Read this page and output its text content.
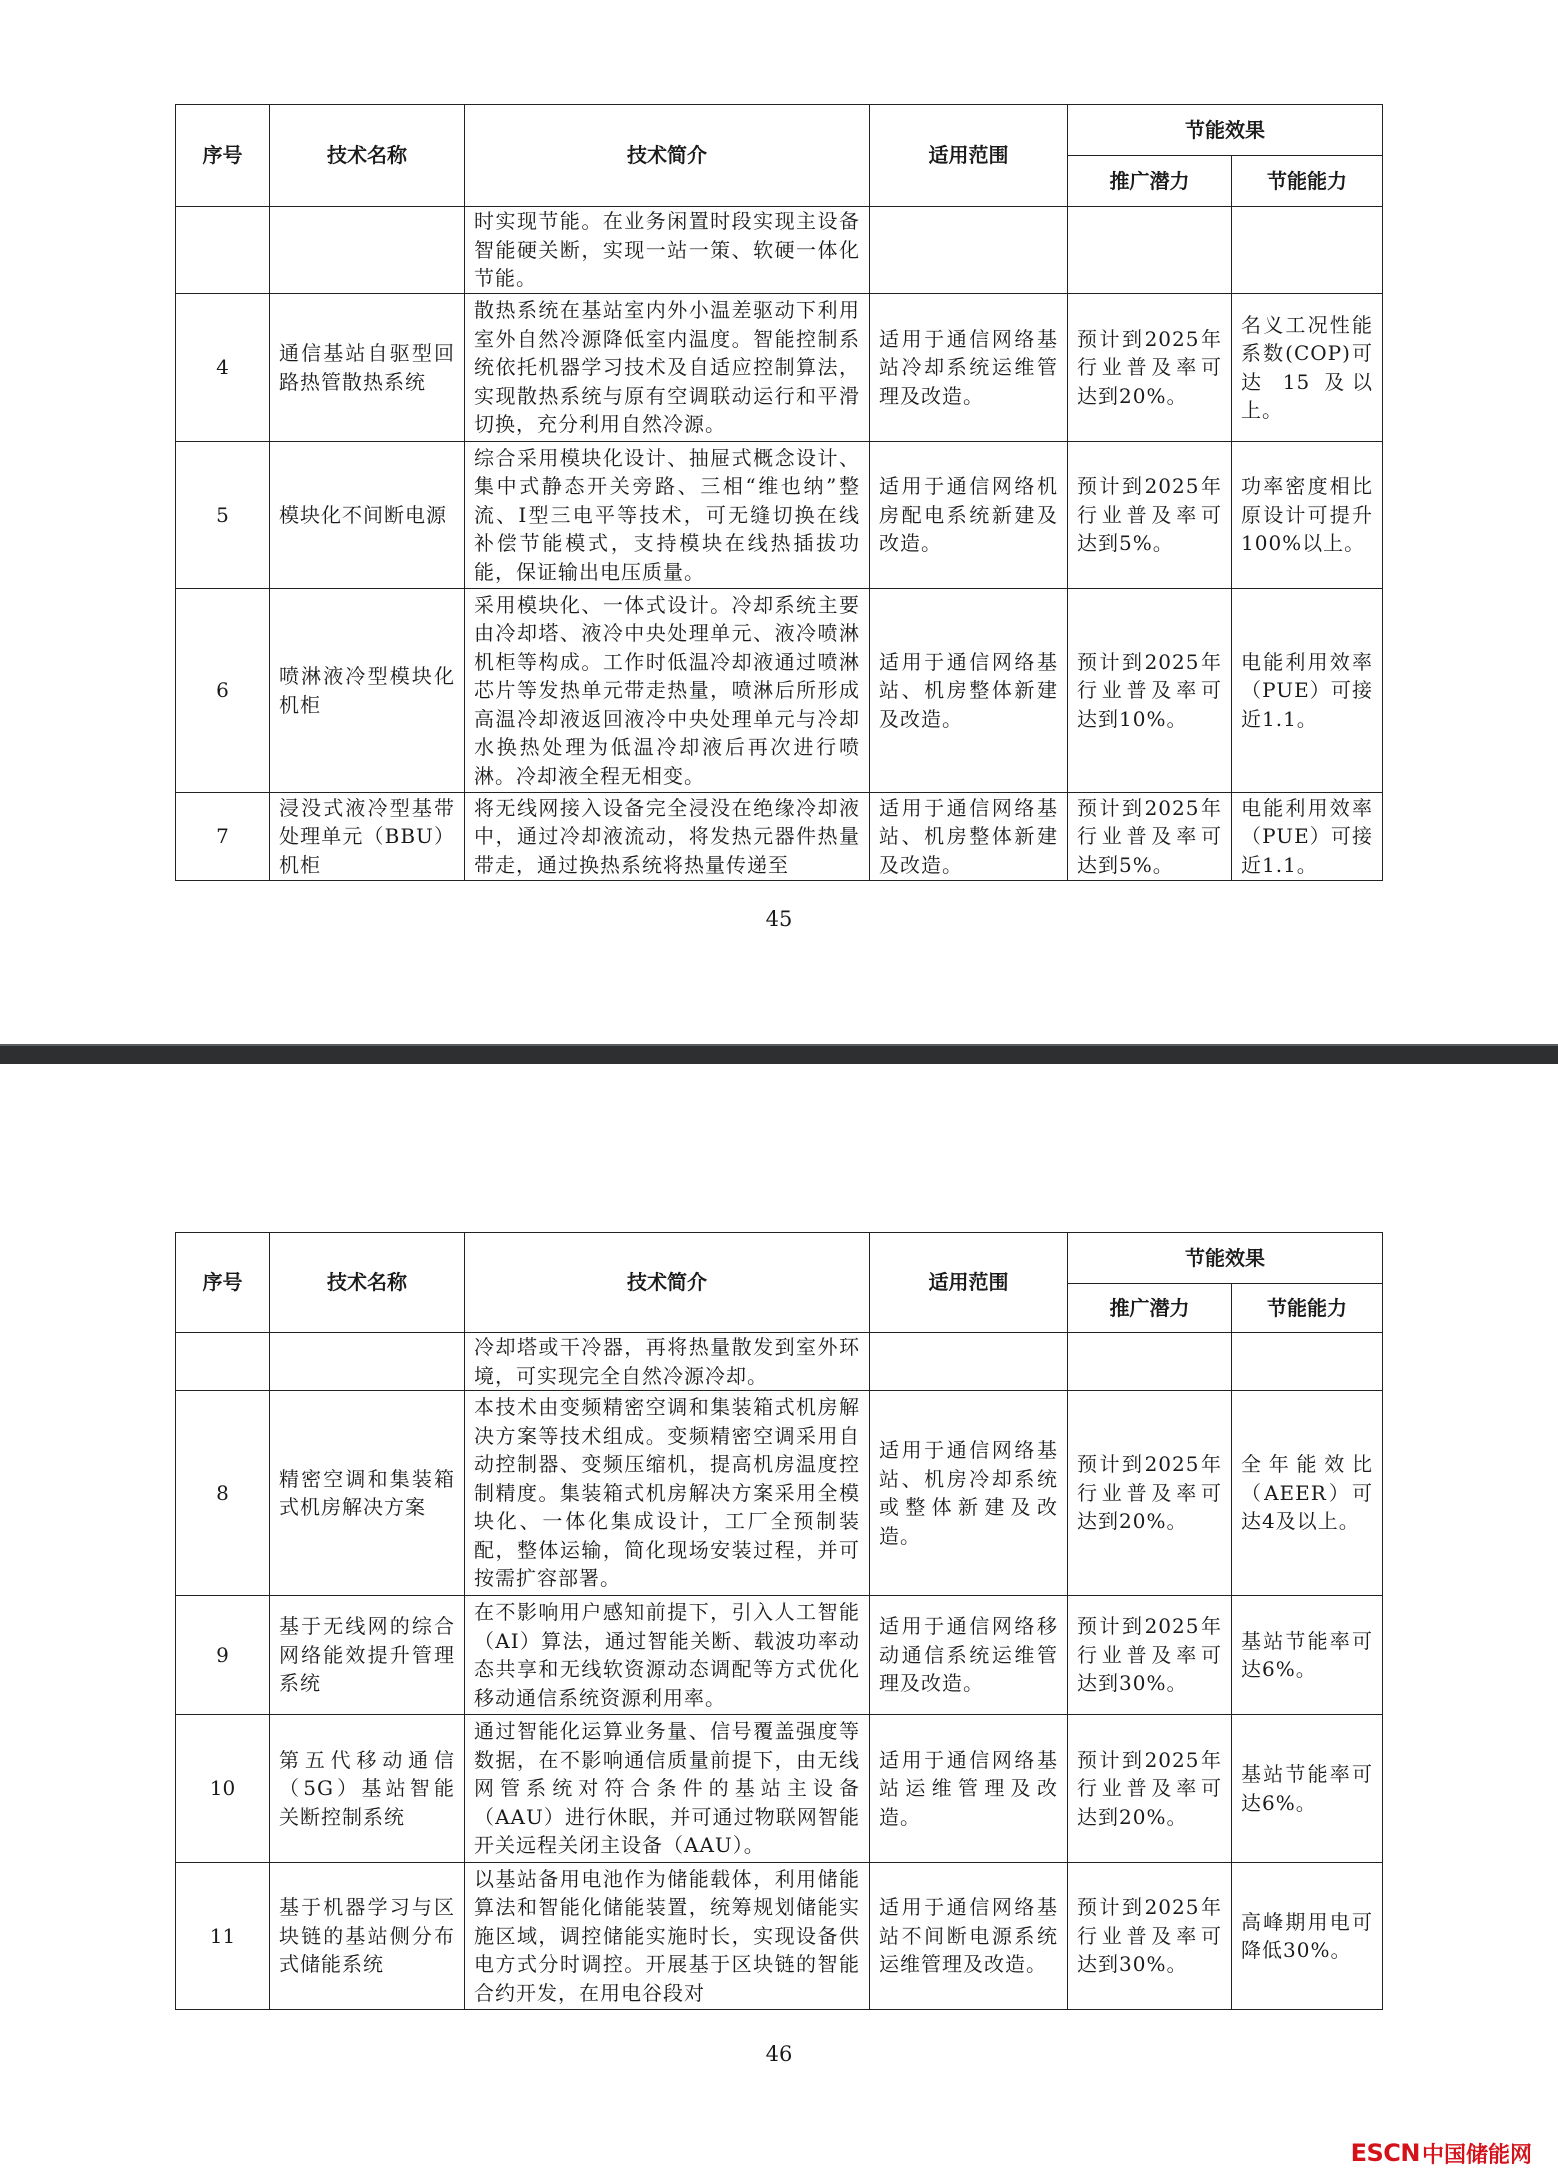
序号	技术名称	技术简介	适用范围	节能效果	
				推广潜力	节能能力
		时实现节能。在业务闲置时段实现主设备智能硬关断，实现一站一策、软硬一体化节能。			
4	通信基站自驱型回路热管散热系统	散热系统在基站室内外小温差驱动下利用室外自然冷源降低室内温度。智能控制系统依托机器学习技术及自适应控制算法，实现散热系统与原有空调联动运行和平滑切换，充分利用自然冷源。	适用于通信网络基站冷却系统运维管理及改造。	预计到2025年行业普及率可达到20%。	名义工况性能系数(COP)可达 15 及以上。
5	模块化不间断电源	综合采用模块化设计、抽屉式概念设计、集中式静态开关旁路、三相“维也纳”整流、I型三电平等技术，可无缝切换在线补偿节能模式，支持模块在线热插拔功能，保证输出电压质量。	适用于通信网络机房配电系统新建及改造。	预计到2025年行业普及率可达到5%。	功率密度相比原设计可提升 100%以上。
6	喷淋液冷型模块化机柜	采用模块化、一体式设计。冷却系统主要由冷却塔、液冷中央处理单元、液冷喷淋机柜等构成。工作时低温冷却液通过喷淋芯片等发热单元带走热量，喷淋后所形成高温冷却液返回液冷中央处理单元与冷却水换热处理为低温冷却液后再次进行喷淋。冷却液全程无相变。	适用于通信网络基站、机房整体新建及改造。	预计到2025年行业普及率可达到10%。	电能利用效率（PUE）可接近1.1。
7	浸没式液冷型基带处理单元（BBU）机柜	将无线网接入设备完全浸没在绝缘冷却液中，通过冷却液流动，将发热元器件热量带走，通过换热系统将热量传递至	适用于通信网络基站、机房整体新建及改造。	预计到2025年行业普及率可达到5%。	电能利用效率（PUE）可接近1.1。
45
序号	技术名称	技术简介	适用范围	节能效果	
				推广潜力	节能能力
		冷却塔或干冷器，再将热量散发到室外环境，可实现完全自然冷源冷却。			
8	精密空调和集装箱式机房解决方案	本技术由变频精密空调和集装箱式机房解决方案等技术组成。变频精密空调采用自动控制器、变频压缩机，提高机房温度控制精度。集装箱式机房解决方案采用全模块化、一体化集成设计，工厂全预制装配，整体运输，简化现场安装过程，并可按需扩容部署。	适用于通信网络基站、机房冷却系统或整体新建及改造。	预计到2025年行业普及率可达到20%。	全年能效比（AEER）可达4及以上。
9	基于无线网的综合网络能效提升管理系统	在不影响用户感知前提下，引入人工智能（AI）算法，通过智能关断、载波功率动态共享和无线软资源动态调配等方式优化移动通信系统资源利用率。	适用于通信网络移动通信系统运维管理及改造。	预计到2025年行业普及率可达到30%。	基站节能率可达6%。
10	第五代移动通信（5G）基站智能关断控制系统	通过智能化运算业务量、信号覆盖强度等数据，在不影响通信质量前提下，由无线网管系统对符合条件的基站主设备（AAU）进行休眠，并可通过物联网智能开关远程关闭主设备（AAU）。	适用于通信网络基站运维管理及改造。	预计到2025年行业普及率可达到20%。	基站节能率可达6%。
11	基于机器学习与区块链的基站侧分布式储能系统	以基站备用电池作为储能载体，利用储能算法和智能化储能装置，统筹规划储能实施区域，调控储能实施时长，实现设备供电方式分时调控。开展基于区块链的智能合约开发，在用电谷段对	适用于通信网络基站不间断电源系统运维管理及改造。	预计到2025年行业普及率可达到30%。	高峰期用电可降低30%。
46
ESCN 中国储能网
